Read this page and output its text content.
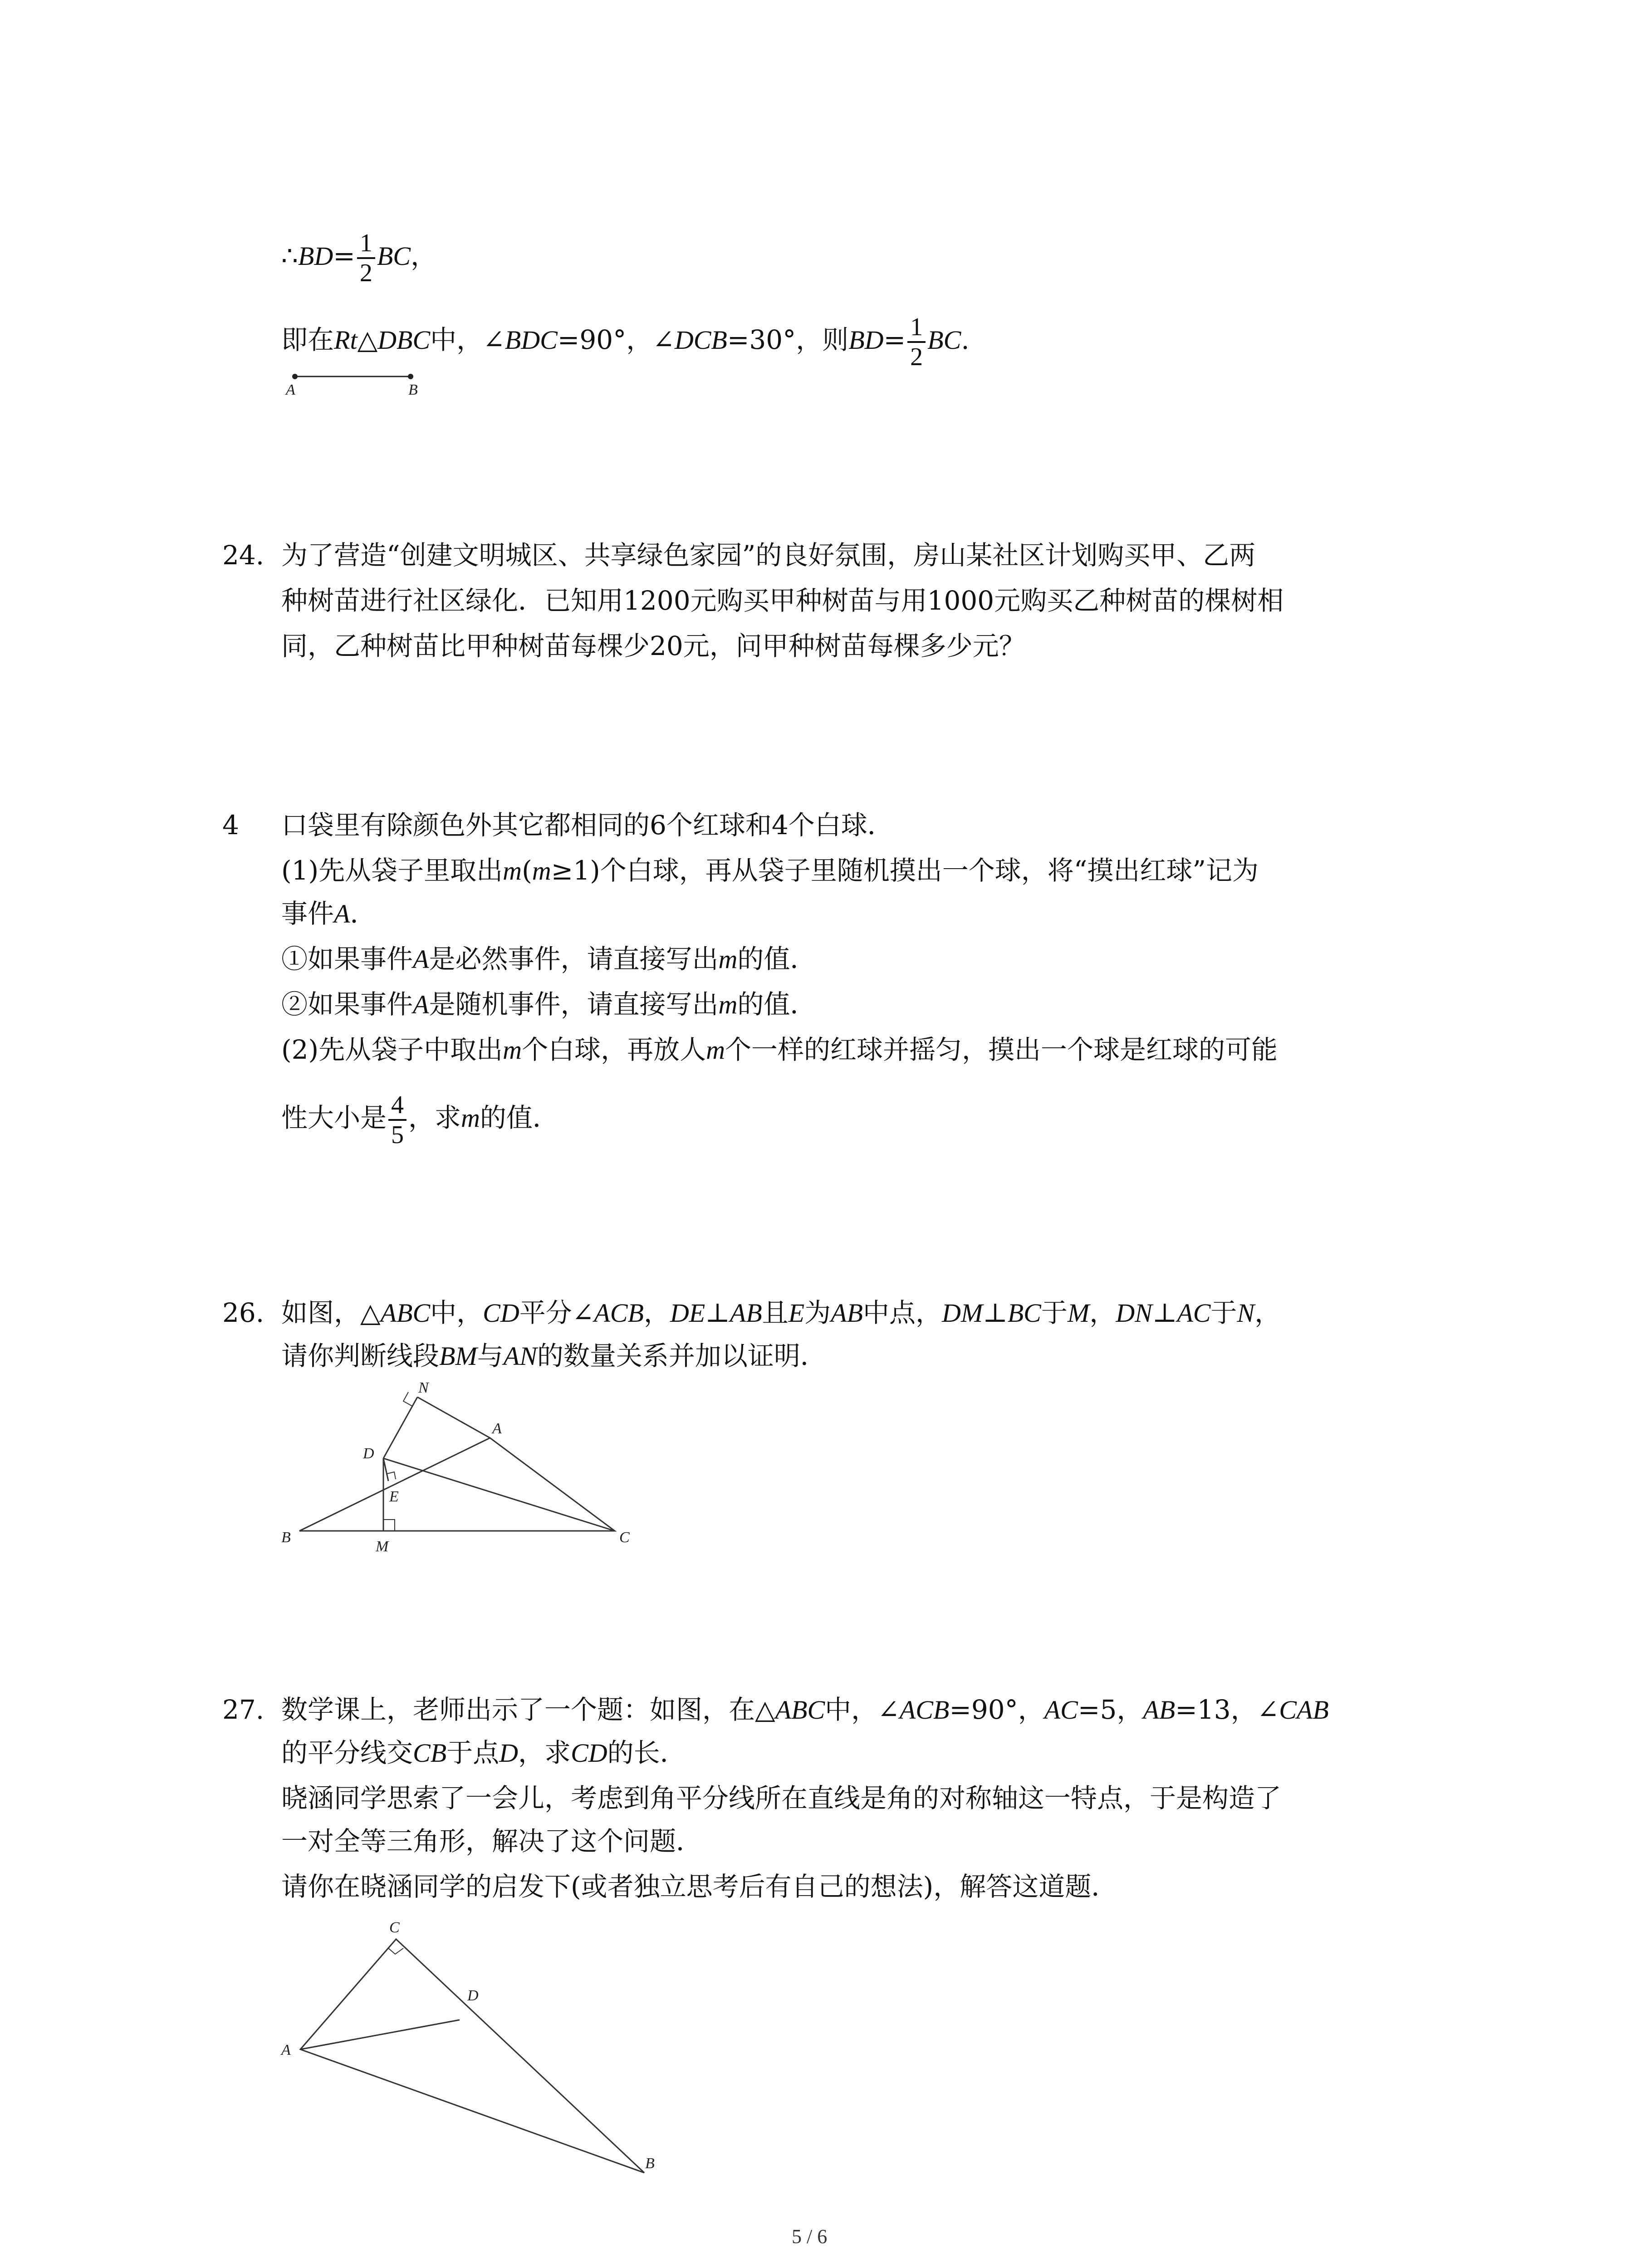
∴BD= $\frac{1}{2}$ BC，
即在Rt△DBC中，∠BDC=90°，∠DCB=30°，则$BD= \frac{1}{2}$ BC.
A	B
24. 为了营造“创建文明城区、共享绿色家园”的良好氛围，房山某社区计划购买甲、乙两
种树苗进行社区绿化．已知用1200元购买甲种树苗与用1000元购买乙种树苗的棵树相
同，乙种树苗比甲种树苗每棵少20元，问甲种树苗每棵多少元？
4 口袋里有除颜色外其它都相同的6个红球和4个白球．
(1)先从袋子里取出m(m≥1)个白球，再从袋子里随机摸出一个球，将“摸出红球”记为
事件A．
①如果事件A是必然事件，请直接写出m的值．
②如果事件A是随机事件，请直接写出m的值．
(2)先从袋子中取出m个白球，再放人m个一样的红球并摇匀，摸出一个球是红球的可能
性大小是 $\frac{4}{5}$ ，求m的值．
26. 如图，△ABC中，CD平分∠ACB，DE⊥AB且E为AB中点，DM⊥BC于M，DN⊥AC于N，
请你判断线段BM与AN的数量关系并加以证明．
N
A
D
E
B
M
C
27. 数学课上，老师出示了一个题：如图，在△ABC中，∠ACB=90°，AC=5，AB=13，∠CAB
的平分线交CB于点D，求CD的长．
晓涵同学思索了一会儿，考虑到角平分线所在直线是角的对称轴这一特点，于是构造了
一对全等三角形，解决了这个问题．
请你在晓涵同学的启发下(或者独立思考后有自己的想法)，解答这道题．
C
D
A
B
5 / 6
